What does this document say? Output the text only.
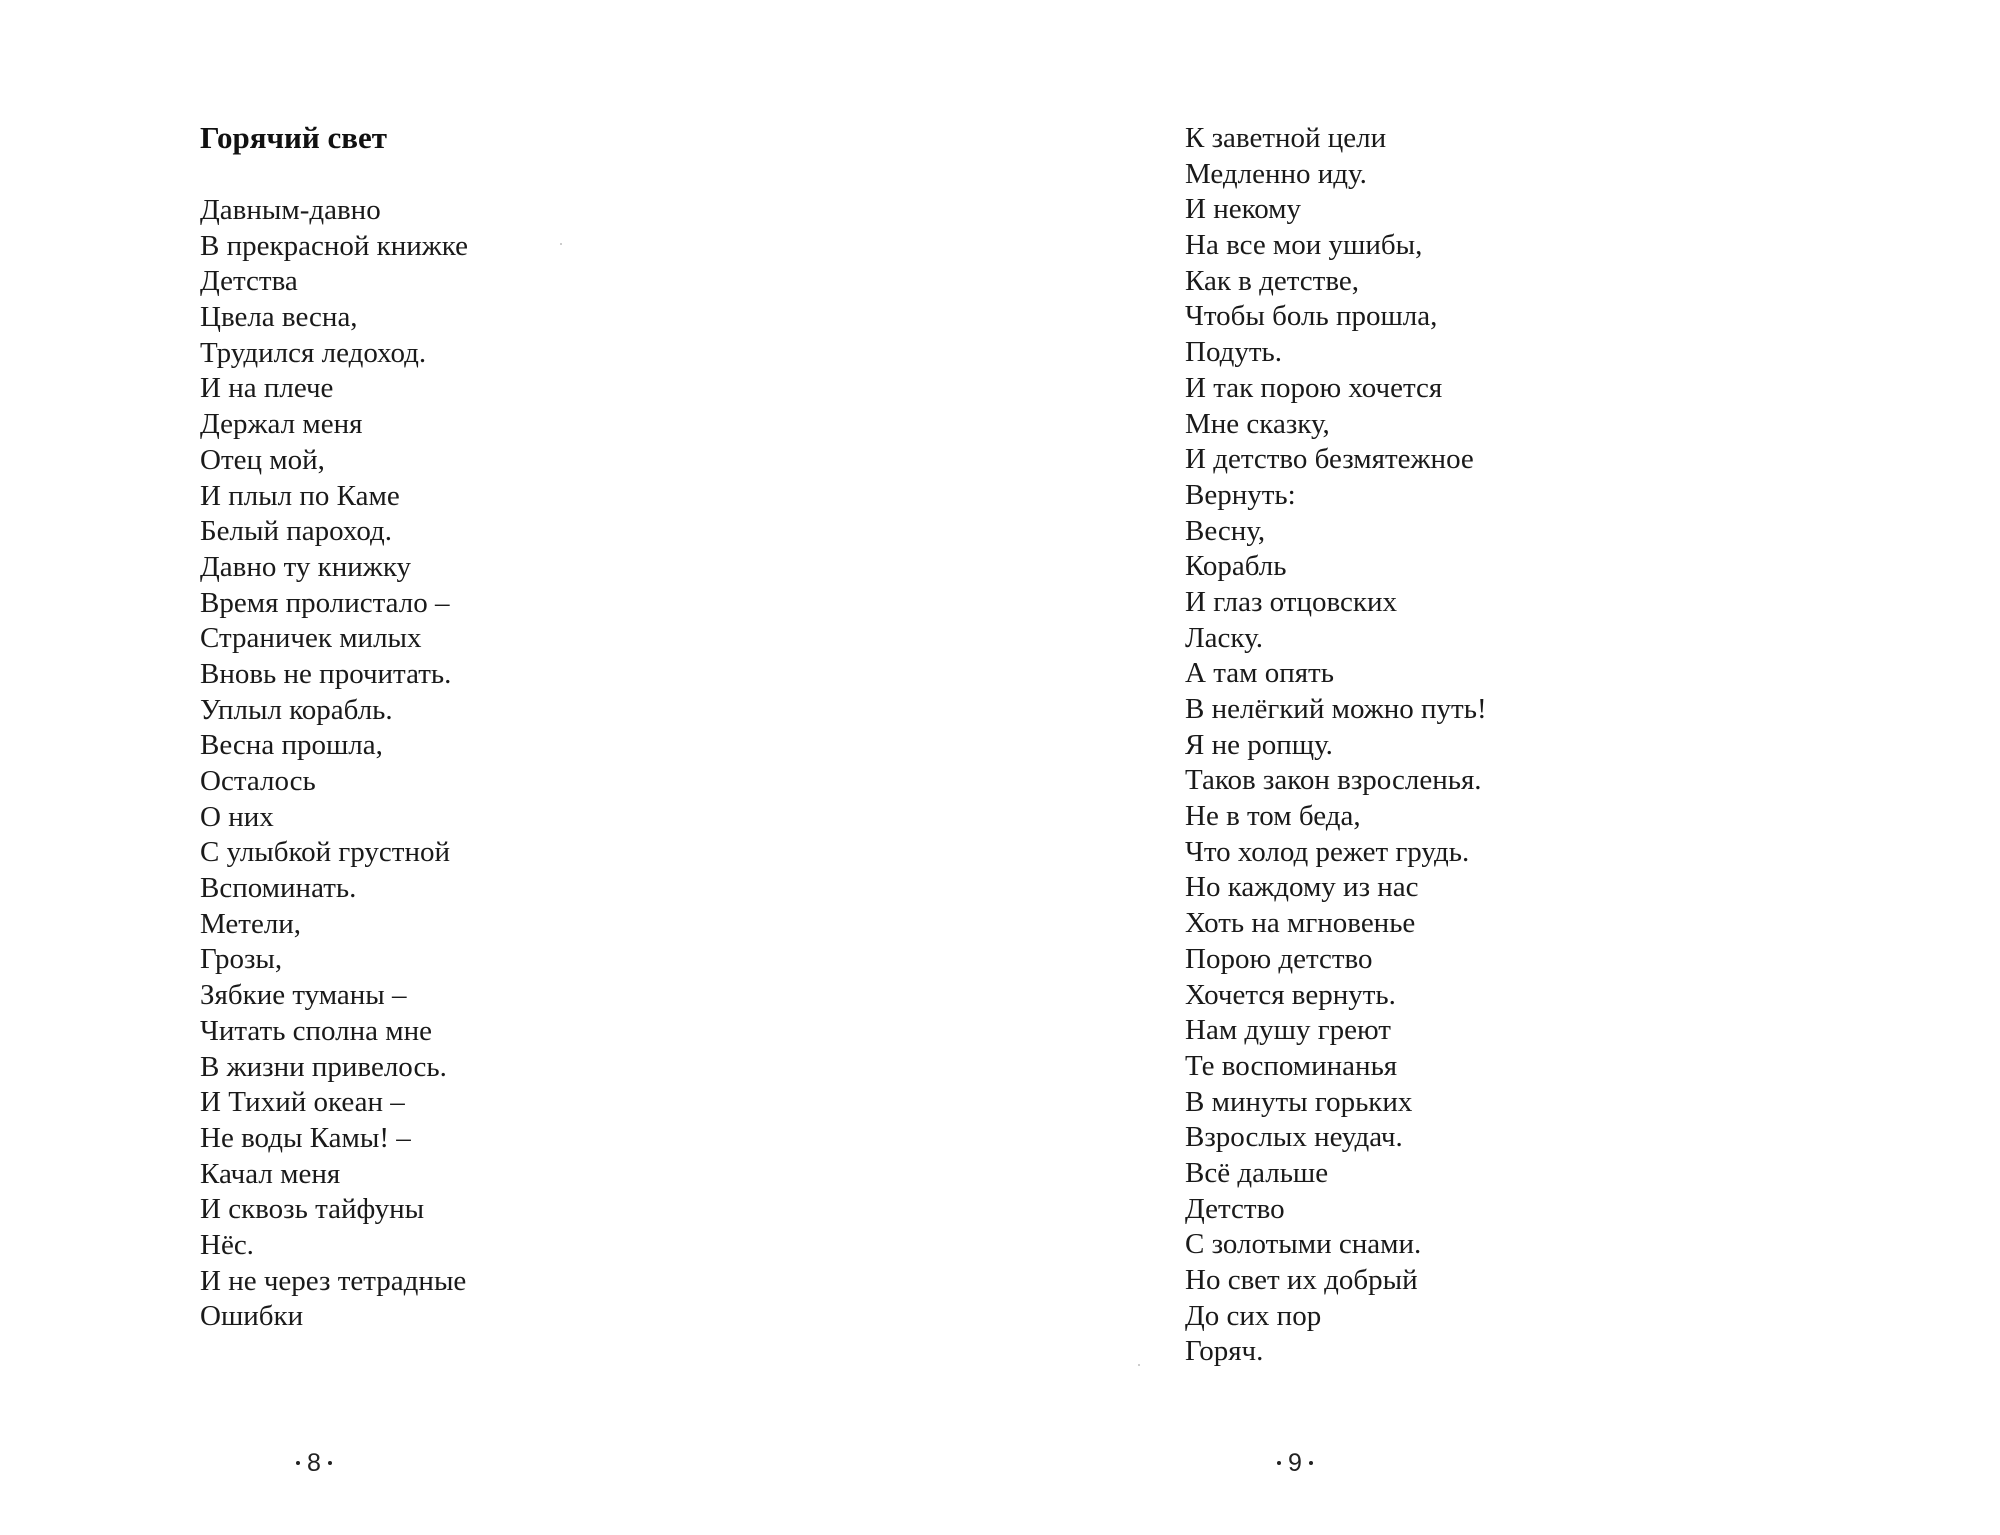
Горячий свет
Давным-давно
В прекрасной книжке
Детства
Цвела весна,
Трудился ледоход.
И на плече
Держал меня
Отец мой,
И плыл по Каме
Белый пароход.
Давно ту книжку
Время пролистало –
Страничек милых
Вновь не прочитать.
Уплыл корабль.
Весна прошла,
Осталось
О них
С улыбкой грустной
Вспоминать.
Метели,
Грозы,
Зябкие туманы –
Читать сполна мне
В жизни привелось.
И Тихий океан –
Не воды Камы! –
Качал меня
И сквозь тайфуны
Нёс.
И не через тетрадные
Ошибки
8
К заветной цели
Медленно иду.
И некому
На все мои ушибы,
Как в детстве,
Чтобы боль прошла,
Подуть.
И так порою хочется
Мне сказку,
И детство безмятежное
Вернуть:
Весну,
Корабль
И глаз отцовских
Ласку.
А там опять
В нелёгкий можно путь!
Я не ропщу.
Таков закон взросленья.
Не в том беда,
Что холод режет грудь.
Но каждому из нас
Хоть на мгновенье
Порою детство
Хочется вернуть.
Нам душу греют
Те воспоминанья
В минуты горьких
Взрослых неудач.
Всё дальше
Детство
С золотыми снами.
Но свет их добрый
До сих пор
Горяч.
9
